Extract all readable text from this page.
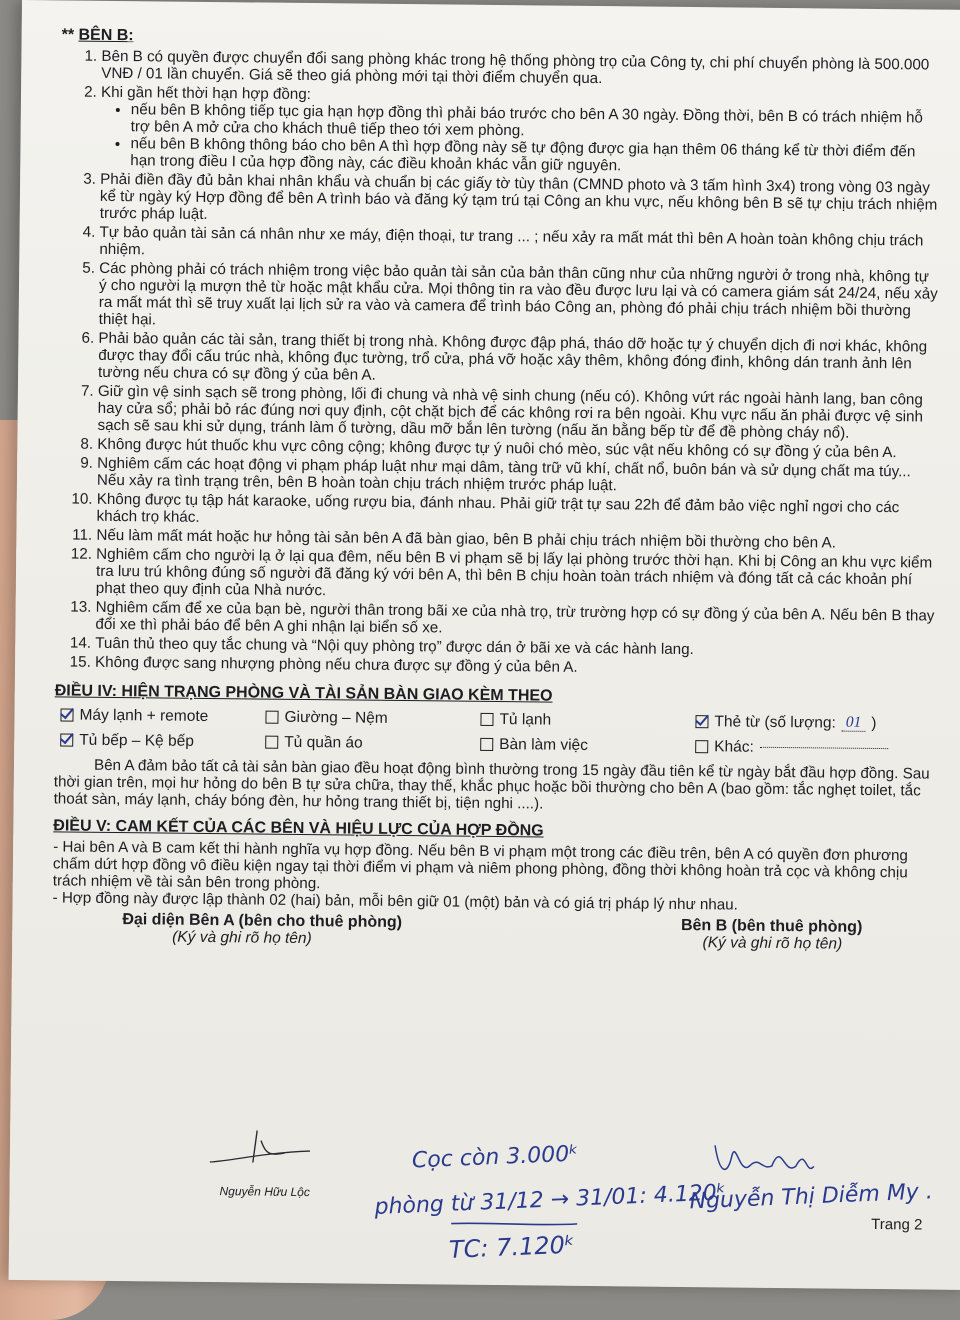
** BÊN B:
1. Bên B có quyền được chuyển đổi sang phòng khác trong hệ thống phòng trọ của Công ty, chi phí chuyển phòng là 500.000 VNĐ / 01 lần chuyển. Giá sẽ theo giá phòng mới tại thời điểm chuyển qua.
2. Khi gần hết thời hạn hợp đồng:
• nếu bên B không tiếp tục gia hạn hợp đồng thì phải báo trước cho bên A 30 ngày. Đồng thời, bên B có trách nhiệm hỗ trợ bên A mở cửa cho khách thuê tiếp theo tới xem phòng.
• nếu bên B không thông báo cho bên A thì hợp đồng này sẽ tự động được gia hạn thêm 06 tháng kể từ thời điểm đến hạn trong điều I của hợp đồng này, các điều khoản khác vẫn giữ nguyên.
3. Phải điền đầy đủ bản khai nhân khẩu và chuẩn bị các giấy tờ tùy thân (CMND photo và 3 tấm hình 3x4) trong vòng 03 ngày kể từ ngày ký Hợp đồng để bên A trình báo và đăng ký tạm trú tại Công an khu vực, nếu không bên B sẽ tự chịu trách nhiệm trước pháp luật.
4. Tự bảo quản tài sản cá nhân như xe máy, điện thoại, tư trang ... ; nếu xảy ra mất mát thì bên A hoàn toàn không chịu trách nhiệm.
5. Các phòng phải có trách nhiệm trong việc bảo quản tài sản của bản thân cũng như của những người ở trong nhà, không tự ý cho người lạ mượn thẻ từ hoặc mật khẩu cửa. Mọi thông tin ra vào đều được lưu lại và có camera giám sát 24/24, nếu xảy ra mất mát thì sẽ truy xuất lại lịch sử ra vào và camera để trình báo Công an, phòng đó phải chịu trách nhiệm bồi thường thiệt hại.
6. Phải bảo quản các tài sản, trang thiết bị trong nhà. Không được đập phá, tháo dỡ hoặc tự ý chuyển dịch đi nơi khác, không được thay đổi cấu trúc nhà, không đục tường, trổ cửa, phá vỡ hoặc xây thêm, không đóng đinh, không dán tranh ảnh lên tường nếu chưa có sự đồng ý của bên A.
7. Giữ gìn vệ sinh sạch sẽ trong phòng, lối đi chung và nhà vệ sinh chung (nếu có). Không vứt rác ngoài hành lang, ban công hay cửa sổ; phải bỏ rác đúng nơi quy định, cột chặt bịch để các không rơi ra bên ngoài. Khu vực nấu ăn phải được vệ sinh sạch sẽ sau khi sử dụng, tránh làm ố tường, dầu mỡ bắn lên tường (nấu ăn bằng bếp từ để đề phòng cháy nổ).
8. Không được hút thuốc khu vực công cộng; không được tự ý nuôi chó mèo, súc vật nếu không có sự đồng ý của bên A.
9. Nghiêm cấm các hoạt động vi phạm pháp luật như mại dâm, tàng trữ vũ khí, chất nổ, buôn bán và sử dụng chất ma túy... Nếu xảy ra tình trạng trên, bên B hoàn toàn chịu trách nhiệm trước pháp luật.
10. Không được tụ tập hát karaoke, uống rượu bia, đánh nhau. Phải giữ trật tự sau 22h để đảm bảo việc nghỉ ngơi cho các khách trọ khác.
11. Nếu làm mất mát hoặc hư hỏng tài sản bên A đã bàn giao, bên B phải chịu trách nhiệm bồi thường cho bên A.
12. Nghiêm cấm cho người lạ ở lại qua đêm, nếu bên B vi phạm sẽ bị lấy lại phòng trước thời hạn. Khi bị Công an khu vực kiểm tra lưu trú không đúng số người đã đăng ký với bên A, thì bên B chịu hoàn toàn trách nhiệm và đóng tất cả các khoản phí phạt theo quy định của Nhà nước.
13. Nghiêm cấm để xe của bạn bè, người thân trong bãi xe của nhà trọ, trừ trường hợp có sự đồng ý của bên A. Nếu bên B thay đổi xe thì phải báo để bên A ghi nhận lại biển số xe.
14. Tuân thủ theo quy tắc chung và “Nội quy phòng trọ” được dán ở bãi xe và các hành lang.
15. Không được sang nhượng phòng nếu chưa được sự đồng ý của bên A.
ĐIỀU IV: HIỆN TRẠNG PHÒNG VÀ TÀI SẢN BÀN GIAO KÈM THEO
Máy lạnh + remote	Giường – Nệm	Tủ lạnh	Thẻ từ (số lượng: 01 )
Tủ bếp – Kệ bếp	Tủ quần áo	Bàn làm việc	Khác:

Bên A đảm bảo tất cả tài sản bàn giao đều hoạt động bình thường trong 15 ngày đầu tiên kể từ ngày bắt đầu hợp đồng. Sau thời gian trên, mọi hư hỏng do bên B tự sửa chữa, thay thế, khắc phục hoặc bồi thường cho bên A (bao gồm: tắc nghẹt toilet, tắc thoát sàn, máy lạnh, cháy bóng đèn, hư hỏng trang thiết bị, tiện nghi ....).

ĐIỀU V: CAM KẾT CỦA CÁC BÊN VÀ HIỆU LỰC CỦA HỢP ĐỒNG

- Hai bên A và B cam kết thi hành nghĩa vụ hợp đồng. Nếu bên B vi phạm một trong các điều trên, bên A có quyền đơn phương chấm dứt hợp đồng vô điều kiện ngay tại thời điểm vi phạm và niêm phong phòng, đồng thời không hoàn trả cọc và không chịu trách nhiệm về tài sản bên trong phòng.

- Hợp đồng này được lập thành 02 (hai) bản, mỗi bên giữ 01 (một) bản và có giá trị pháp lý như nhau.

Đại diện Bên A (bên cho thuê phòng)	Bên B (bên thuê phòng)
(Ký và ghi rõ họ tên)	(Ký và ghi rõ họ tên)
Nguyễn Hữu Lộc
Cọc còn 3.000ᵏ
phòng từ 31/12 → 31/01: 4.120ᵏ
TC: 7.120ᵏ
Nguyễn Thị Diễm My .
Trang 2
